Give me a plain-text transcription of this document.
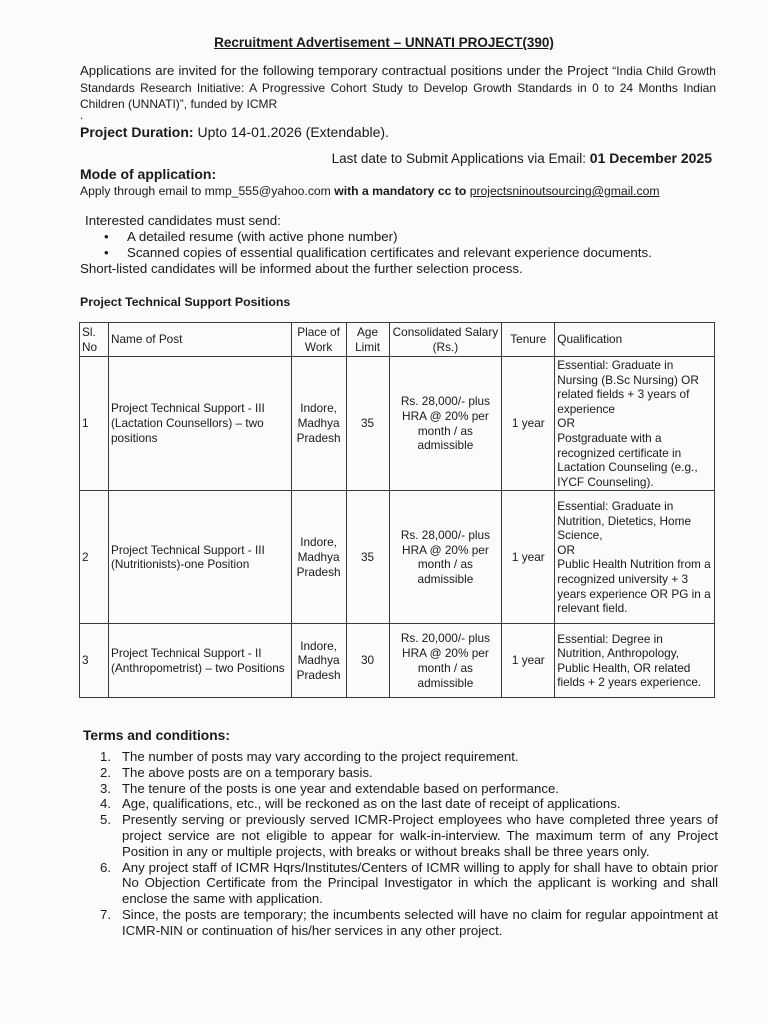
Recruitment Advertisement – UNNATI PROJECT(390)
Applications are invited for the following temporary contractual positions under the Project “India Child Growth Standards Research Initiative: A Progressive Cohort Study to Develop Growth Standards in 0 to 24 Months Indian Children (UNNATI)”, funded by ICMR
.
Project Duration: Upto 14-01.2026 (Extendable).
Last date to Submit Applications via Email: 01 December 2025
Mode of application:
Apply through email to mmp_555@yahoo.com with a mandatory cc to projectsninoutsourcing@gmail.com
Interested candidates must send:
• A detailed resume (with active phone number)
• Scanned copies of essential qualification certificates and relevant experience documents.
Short-listed candidates will be informed about the further selection process.
Project Technical Support Positions
Sl. No	Name of Post	Place of Work	Age Limit	Consolidated Salary (Rs.)	Tenure	Qualification
1	Project Technical Support - III (Lactation Counsellors) – two positions	Indore, Madhya Pradesh	35	Rs. 28,000/- plus HRA @ 20% per month / as admissible	1 year	Essential: Graduate in Nursing (B.Sc Nursing) OR related fields + 3 years of experience
OR
Postgraduate with a recognized certificate in Lactation Counseling (e.g., IYCF Counseling).
2	Project Technical Support - III (Nutritionists)-one Position	Indore, Madhya Pradesh	35	Rs. 28,000/- plus HRA @ 20% per month / as admissible	1 year	Essential: Graduate in Nutrition, Dietetics, Home Science,
OR
Public Health Nutrition from a recognized university + 3 years experience OR PG in a relevant field.
3	Project Technical Support - II (Anthropometrist) – two Positions	Indore, Madhya Pradesh	30	Rs. 20,000/- plus HRA @ 20% per month / as admissible	1 year	Essential: Degree in Nutrition, Anthropology, Public Health, OR related fields + 2 years experience.
Terms and conditions:
1. The number of posts may vary according to the project requirement.
2. The above posts are on a temporary basis.
3. The tenure of the posts is one year and extendable based on performance.
4. Age, qualifications, etc., will be reckoned as on the last date of receipt of applications.
5. Presently serving or previously served ICMR-Project employees who have completed three years of project service are not eligible to appear for walk-in-interview. The maximum term of any Project Position in any or multiple projects, with breaks or without breaks shall be three years only.
6. Any project staff of ICMR Hqrs/Institutes/Centers of ICMR willing to apply for shall have to obtain prior No Objection Certificate from the Principal Investigator in which the applicant is working and shall enclose the same with application.
7. Since, the posts are temporary; the incumbents selected will have no claim for regular appointment at ICMR-NIN or continuation of his/her services in any other project.
